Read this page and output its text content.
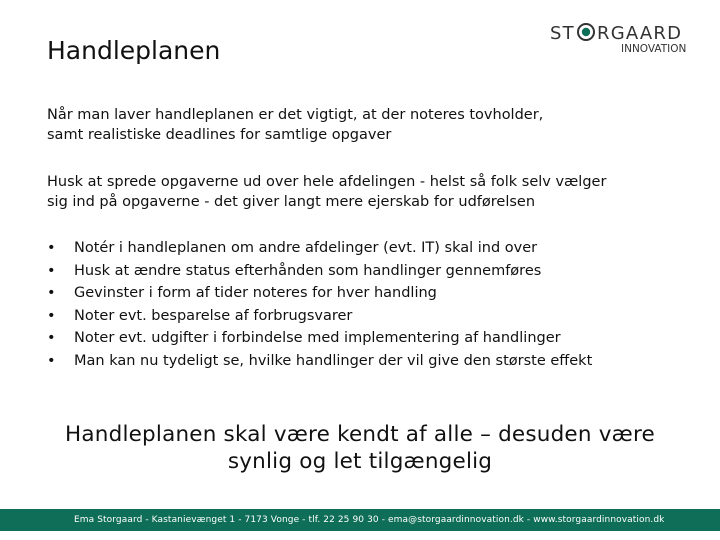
Handleplanen
ST RGAARD
INNOVATION

Når man laver handleplanen er det vigtigt, at der noteres tovholder,
samt realistiske deadlines for samtlige opgaver

Husk at sprede opgaverne ud over hele afdelingen - helst så folk selv vælger
sig ind på opgaverne - det giver langt mere ejerskab for udførelsen

• Notér i handleplanen om andre afdelinger (evt. IT) skal ind over
• Husk at ændre status efterhånden som handlinger gennemføres
• Gevinster i form af tider noteres for hver handling
• Noter evt. besparelse af forbrugsvarer
• Noter evt. udgifter i forbindelse med implementering af handlinger
• Man kan nu tydeligt se, hvilke handlinger der vil give den største effekt
Handleplanen skal være kendt af alle – desuden være
synlig og let tilgængelig
Ema Storgaard - Kastanievænget 1 - 7173 Vonge - tlf. 22 25 90 30 - ema@storgaardinnovation.dk - www.storgaardinnovation.dk
